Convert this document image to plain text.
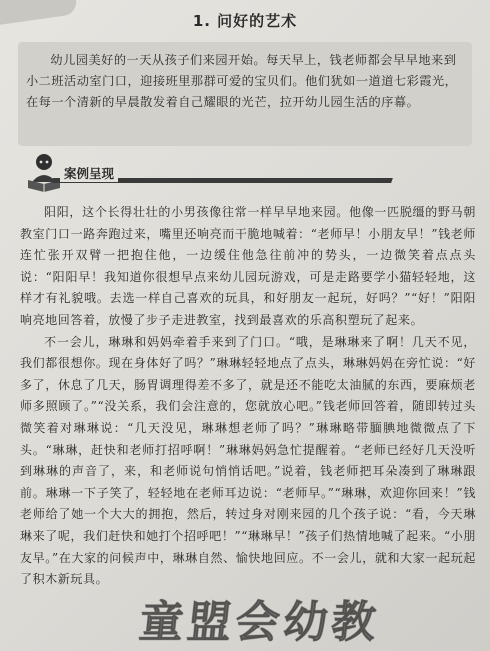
1. 问好的艺术

幼儿园美好的一天从孩子们来园开始。每天早上，钱老师都会早早地来到小二班活动室门口，迎接班里那群可爱的宝贝们。他们犹如一道道七彩霞光，在每一个清新的早晨散发着自己耀眼的光芒，拉开幼儿园生活的序幕。

案例呈现

阳阳，这个长得壮壮的小男孩像往常一样早早地来园。他像一匹脱缰的野马朝教室门口一路奔跑过来，嘴里还响亮而干脆地喊着：“老师早！小朋友早！”钱老师连忙张开双臂一把抱住他，一边缓住他急往前冲的势头，一边微笑着点点头说：“阳阳早！我知道你很想早点来幼儿园玩游戏，可是走路要学小猫轻轻地，这样才有礼貌哦。去选一样自己喜欢的玩具，和好朋友一起玩，好吗？”“好！”阳阳响亮地回答着，放慢了步子走进教室，找到最喜欢的乐高积塑玩了起来。

不一会儿，琳琳和妈妈牵着手来到了门口。“哦，是琳琳来了啊！几天不见，我们都很想你。现在身体好了吗？”琳琳轻轻地点了点头，琳琳妈妈在旁忙说：“好多了，休息了几天，肠胃调理得差不多了，就是还不能吃太油腻的东西，要麻烦老师多照顾了。”“没关系，我们会注意的，您就放心吧。”钱老师回答着，随即转过头微笑着对琳琳说：“几天没见，琳琳想老师了吗？”琳琳略带腼腆地微微点了下头。“琳琳，赶快和老师打招呼啊！”琳琳妈妈急忙提醒着。“老师已经好几天没听到琳琳的声音了，来，和老师说句悄悄话吧。”说着，钱老师把耳朵凑到了琳琳跟前。琳琳一下子笑了，轻轻地在老师耳边说：“老师早。”“琳琳，欢迎你回来！”钱老师给了她一个大大的拥抱，然后，转过身对刚来园的几个孩子说：“看，今天琳琳来了呢，我们赶快和她打个招呼吧！”“琳琳早！”孩子们热情地喊了起来。“小朋友早。”在大家的问候声中，琳琳自然、愉快地回应。不一会儿，就和大家一起玩起了积木新玩具。

童盟会幼教
